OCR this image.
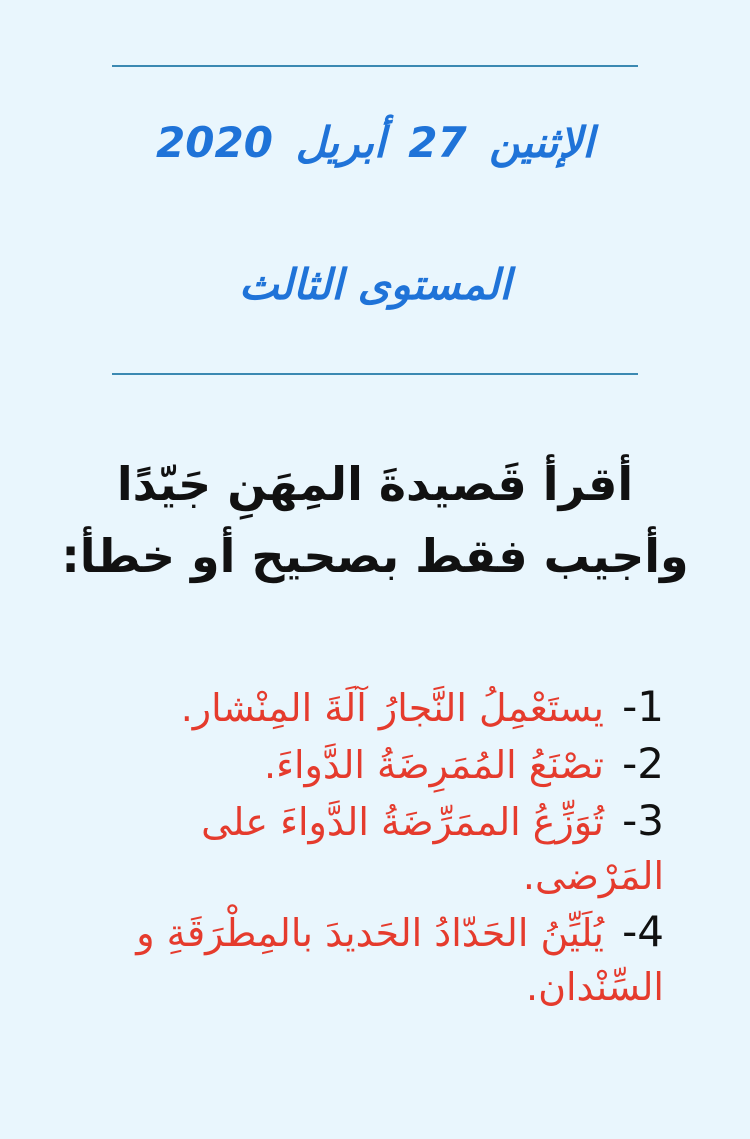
الإثنين 27 أبريل 2020
المستوى الثالث
أقرأ قَصيدةَ المِهَنِ جَيّدًا
وأجيب فقط بصحيح أو خطأ:
1- يستَعْمِلُ النَّجارُ آلَةَ المِنْشار.
2- تصْنَعُ المُمَرِضَةُ الدَّواءَ.
3- تُوَزِّعُ الممَرِّضَةُ الدَّواءَ على المَرْضى.
4- يُلَيِّنُ الحَدّادُ الحَديدَ بالمِطْرَقَةِ و السِّنْدان.
